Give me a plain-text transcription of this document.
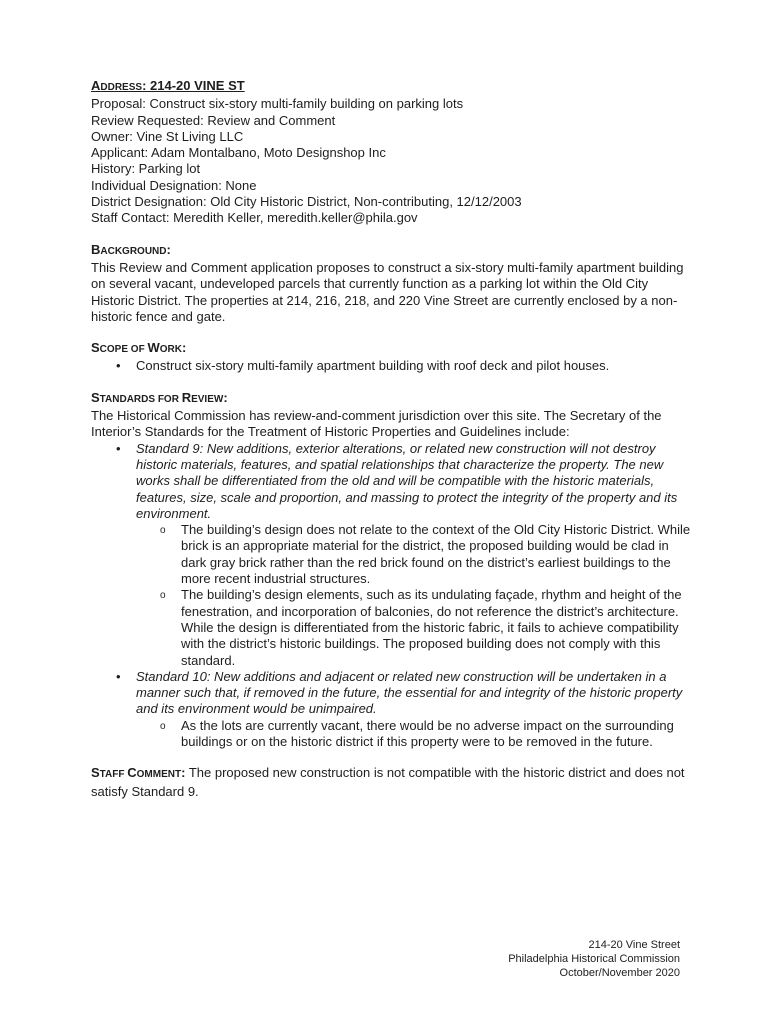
ADDRESS: 214-20 VINE ST

Proposal: Construct six-story multi-family building on parking lots

Review Requested: Review and Comment

Owner: Vine St Living LLC

Applicant: Adam Montalbano, Moto Designshop Inc

History: Parking lot

Individual Designation: None

District Designation: Old City Historic District, Non-contributing, 12/12/2003

Staff Contact: Meredith Keller, meredith.keller@phila.gov

BACKGROUND:

This Review and Comment application proposes to construct a six-story multi-family apartment building on several vacant, undeveloped parcels that currently function as a parking lot within the Old City Historic District. The properties at 214, 216, 218, and 220 Vine Street are currently enclosed by a non-historic fence and gate.

SCOPE OF WORK:

• Construct six-story multi-family apartment building with roof deck and pilot houses.

STANDARDS FOR REVIEW:

The Historical Commission has review-and-comment jurisdiction over this site. The Secretary of the Interior’s Standards for the Treatment of Historic Properties and Guidelines include:

• Standard 9: New additions, exterior alterations, or related new construction will not destroy historic materials, features, and spatial relationships that characterize the property. The new works shall be differentiated from the old and will be compatible with the historic materials, features, size, scale and proportion, and massing to protect the integrity of the property and its environment.
o The building’s design does not relate to the context of the Old City Historic District. While brick is an appropriate material for the district, the proposed building would be clad in dark gray brick rather than the red brick found on the district’s earliest buildings to the more recent industrial structures.
o The building’s design elements, such as its undulating façade, rhythm and height of the fenestration, and incorporation of balconies, do not reference the district’s architecture. While the design is differentiated from the historic fabric, it fails to achieve compatibility with the district’s historic buildings. The proposed building does not comply with this standard.
• Standard 10: New additions and adjacent or related new construction will be undertaken in a manner such that, if removed in the future, the essential for and integrity of the historic property and its environment would be unimpaired.
o As the lots are currently vacant, there would be no adverse impact on the surrounding buildings or on the historic district if this property were to be removed in the future.

STAFF COMMENT: The proposed new construction is not compatible with the historic district and does not satisfy Standard 9.

214-20 Vine Street
Philadelphia Historical Commission
October/November 2020
